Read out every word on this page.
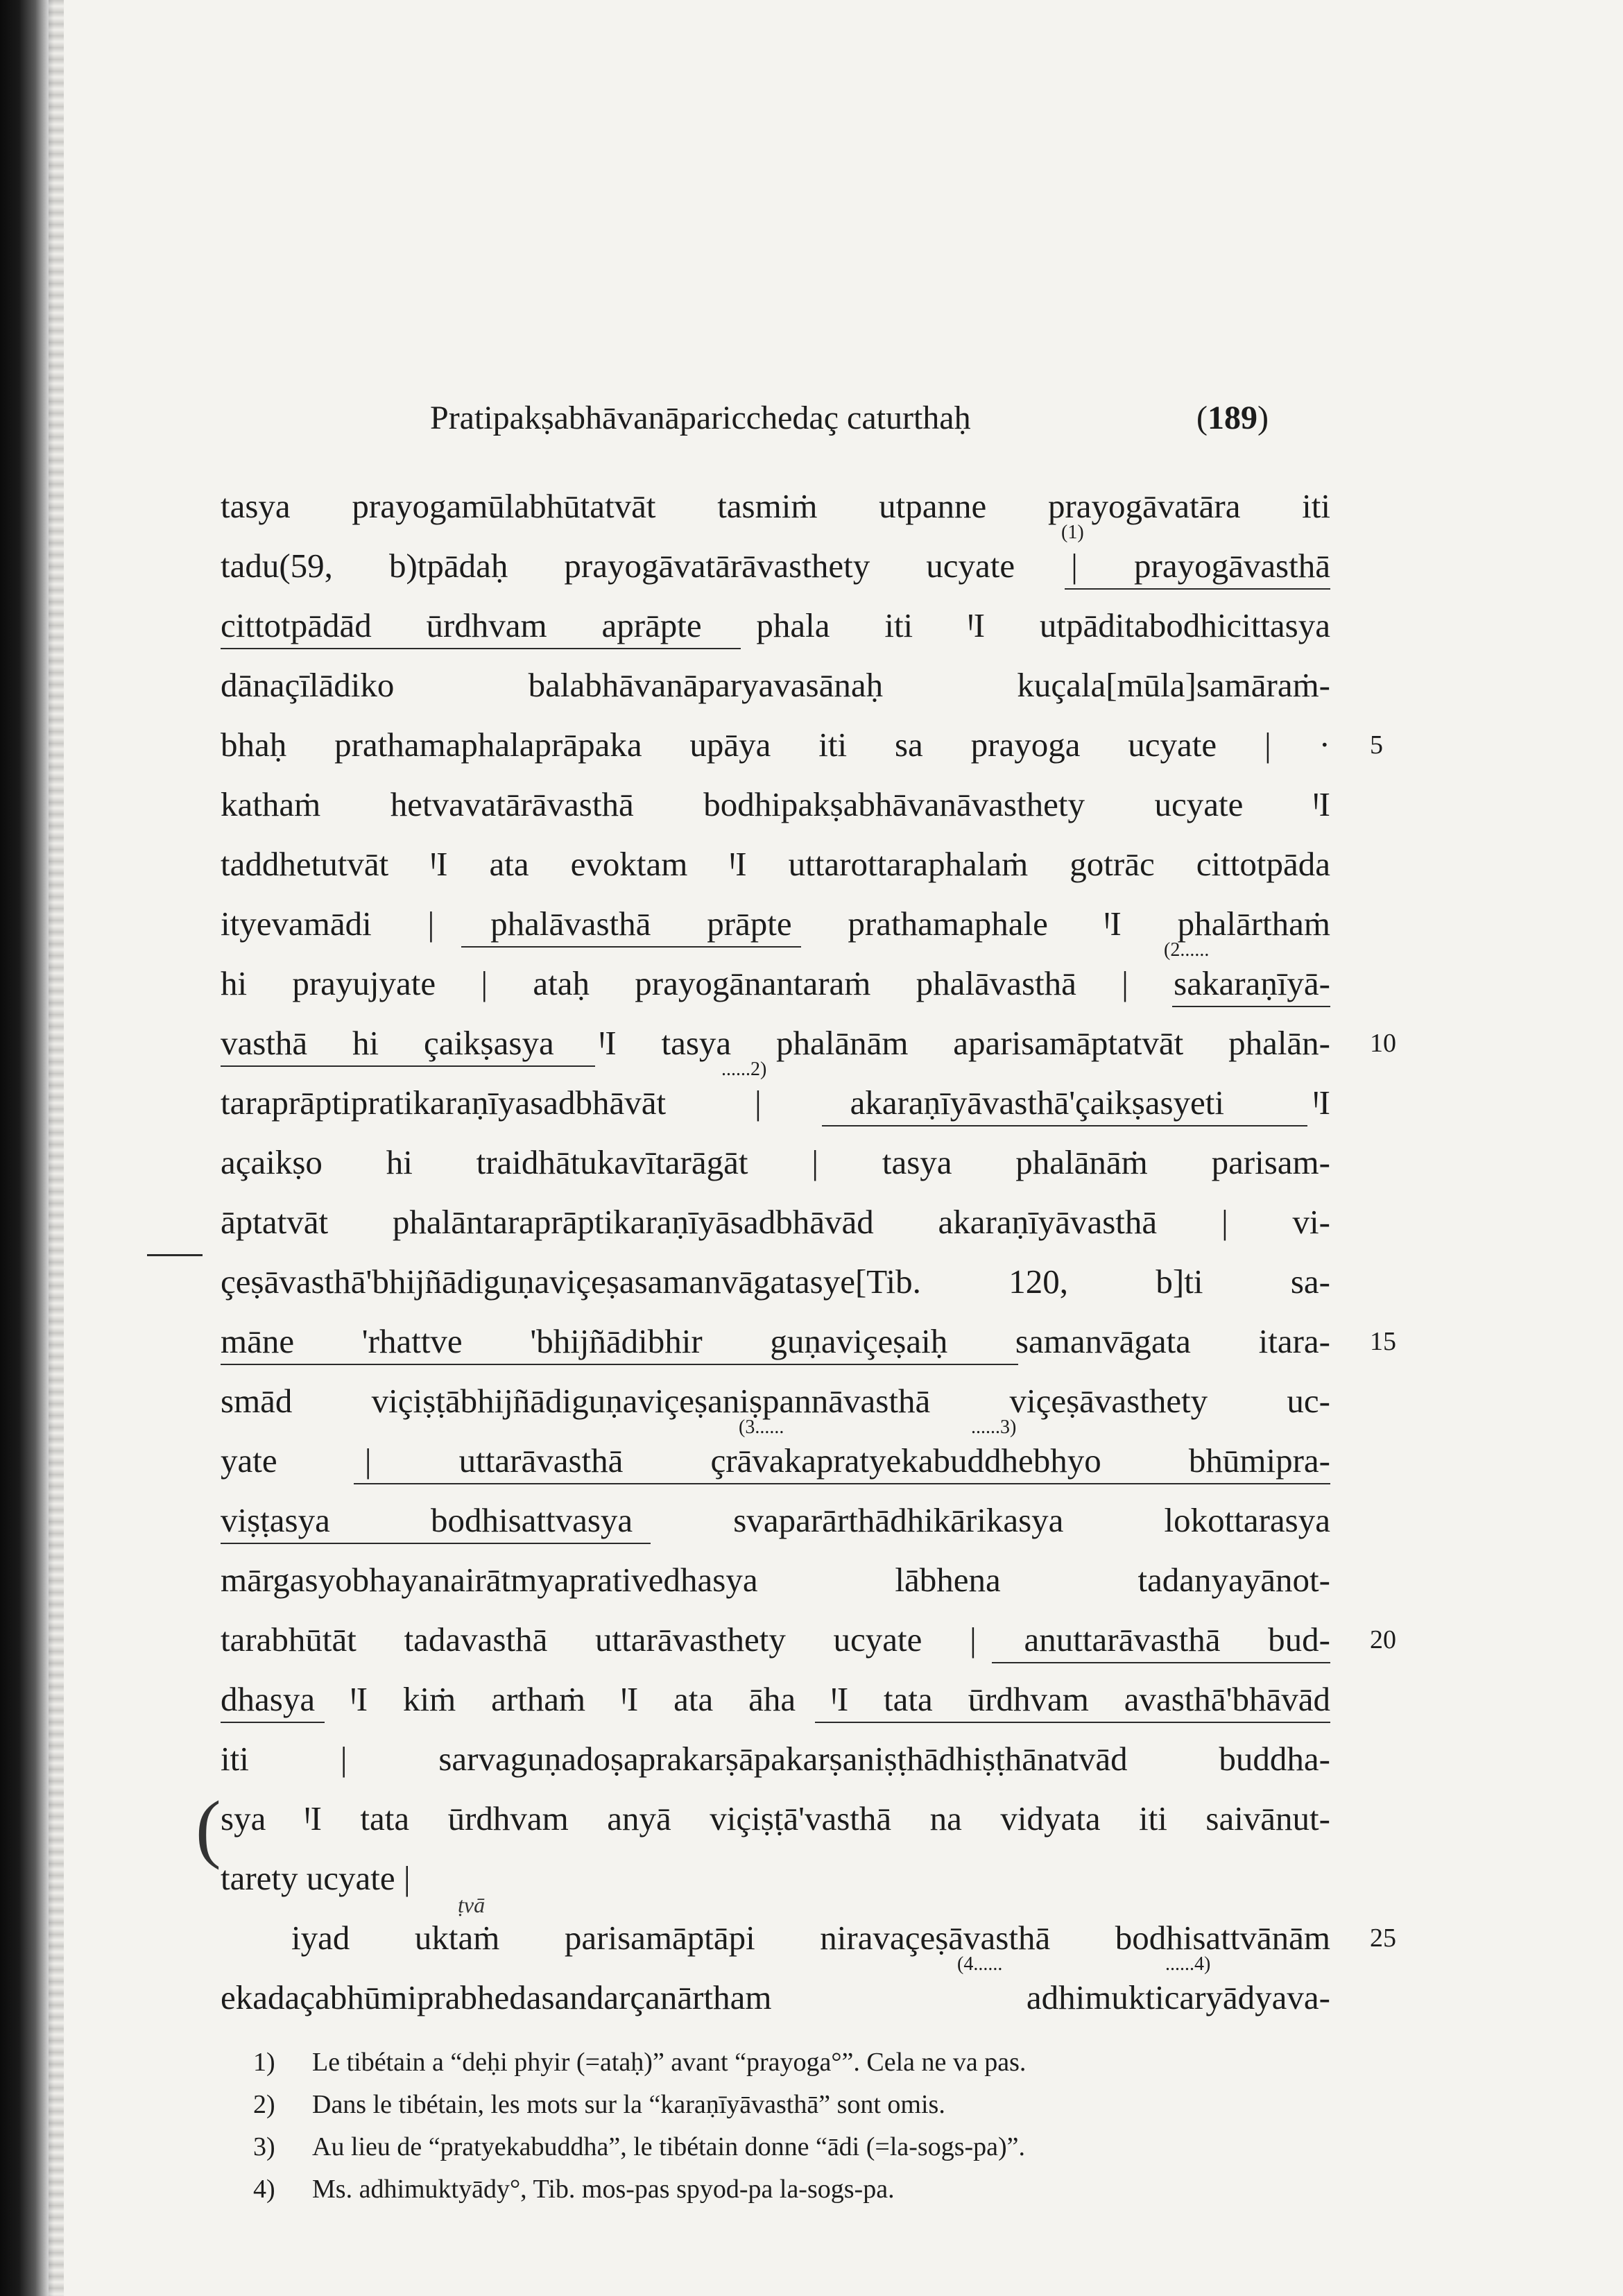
Pratipakṣabhāvanāparicchedaç caturthaḥ	(189)
tasya prayogamūlabhūtatvāt tasmiṁ utpanne prayogāvatāra iti
tadu(59, b)tpādaḥ prayogāvatārāvasthety ucyate | prayogāvasthā
cittotpādād ūrdhvam aprāpte phala iti ꞋI utpāditabodhicittasya
dānaçīlādiko balabhāvanāparyavasānaḥ kuçala[mūla]samāraṁ-
bhaḥ prathamaphalaprāpaka upāya iti sa prayoga ucyate | ·
kathaṁ hetvavatārāvasthā bodhipakṣabhāvanāvasthety ucyate ꞋI
taddhetutvāt ꞋI ata evoktam ꞋI uttarottaraphalaṁ gotrāc cittotpāda
ityevamādi | phalāvasthā prāpte prathamaphale ꞋI phalārthaṁ
hi prayujyate | ataḥ prayogānantaraṁ phalāvasthā | sakaraṇīyā-
vasthā hi çaikṣasya ꞋI tasya phalānām aparisamāptatvāt phalān-
taraprāptipratikaraṇīyasadbhāvāt | akaraṇīyāvasthā'çaikṣasyeti ꞋI
açaikṣo hi traidhātukavītarāgāt | tasya phalānāṁ parisam-
āptatvāt phalāntaraprāptikaraṇīyāsadbhāvād akaraṇīyāvasthā | vi-
çeṣāvasthā'bhijñādiguṇaviçeṣasamanvāgatasye[Tib. 120, b]ti sa-
māne 'rhattve 'bhijñādibhir guṇaviçeṣaiḥ samanvāgata itara-
smād viçiṣṭābhijñādiguṇaviçeṣaniṣpannāvasthā viçeṣāvasthety uc-
yate | uttarāvasthā çrāvakapratyekabuddhebhyo bhūmipra-
viṣṭasya bodhisattvasya svaparārthādhikārikasya lokottarasya
mārgasyobhayanairātmyaprativedhasya lābhena tadanyayānot-
tarabhūtāt tadavasthā uttarāvasthety ucyate | anuttarāvasthā bud-
dhasya ꞋI kiṁ arthaṁ ꞋI ata āha ꞋI tata ūrdhvam avasthā'bhāvād
iti | sarvaguṇadoṣaprakarṣāpakarṣaniṣṭhādhiṣṭhānatvād buddha-
sya ꞋI tata ūrdhvam anyā viçiṣṭā'vasthā na vidyata iti saivānut-
tarety ucyate |
iyad uktaṁ parisamāptāpi niravaçeṣāvasthā bodhisattvānām
ekadaçabhūmiprabhedasandarçanārtham adhimukticaryādyava-
5
10
15
20
25
(1)
(2......
......2)
(3......	......3)
(4......	......4)
ṭvā
(
1) Le tibétain a “deḥi phyir (=ataḥ)” avant “prayoga°”. Cela ne va pas.
2) Dans le tibétain, les mots sur la “karaṇīyāvasthā” sont omis.
3) Au lieu de “pratyekabuddha”, le tibétain donne “ādi (=la-sogs-pa)”.
4) Ms. adhimuktyādy°, Tib. mos-pas spyod-pa la-sogs-pa.
